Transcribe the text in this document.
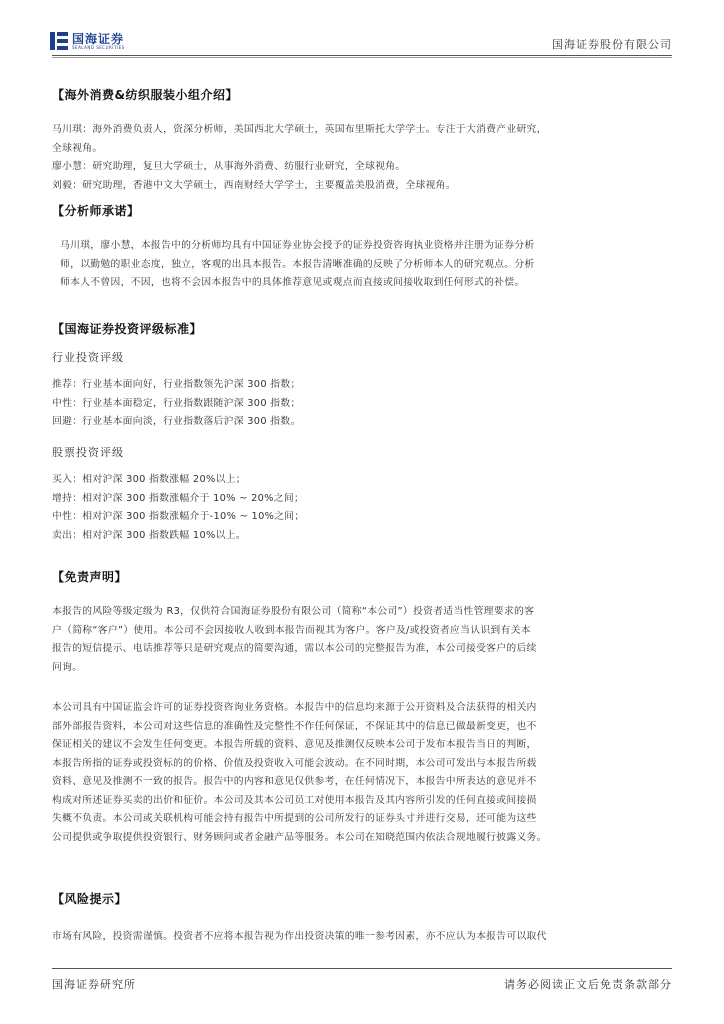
国海证券
SEALAND SECURITIES	国海证券股份有限公司
【海外消费&纺织服装小组介绍】

马川琪：海外消费负责人，资深分析师，美国西北大学硕士，英国布里斯托大学学士。专注于大消费产业研究，

全球视角。

廖小慧：研究助理，复旦大学硕士，从事海外消费、纺服行业研究，全球视角。

刘毅：研究助理，香港中文大学硕士，西南财经大学学士，主要覆盖美股消费，全球视角。

【分析师承诺】

马川琪，廖小慧，本报告中的分析师均具有中国证券业协会授予的证券投资咨询执业资格并注册为证券分析

师，以勤勉的职业态度，独立，客观的出具本报告。本报告清晰准确的反映了分析师本人的研究观点。分析

师本人不曾因，不因，也将不会因本报告中的具体推荐意见或观点而直接或间接收取到任何形式的补偿。

【国海证券投资评级标准】
行业投资评级
推荐：行业基本面向好，行业指数领先沪深 300 指数；
中性：行业基本面稳定，行业指数跟随沪深 300 指数；
回避：行业基本面向淡，行业指数落后沪深 300 指数。
股票投资评级
买入：相对沪深 300 指数涨幅 20%以上；
增持：相对沪深 300 指数涨幅介于 10% ~ 20%之间；
中性：相对沪深 300 指数涨幅介于-10% ~ 10%之间；
卖出：相对沪深 300 指数跌幅 10%以上。
【免责声明】

本报告的风险等级定级为 R3，仅供符合国海证券股份有限公司（简称“本公司”）投资者适当性管理要求的客

户（简称“客户”）使用。本公司不会因接收人收到本报告而视其为客户。客户及/或投资者应当认识到有关本

报告的短信提示、电话推荐等只是研究观点的简要沟通，需以本公司的完整报告为准，本公司接受客户的后续

问询。

本公司具有中国证监会许可的证券投资咨询业务资格。本报告中的信息均来源于公开资料及合法获得的相关内

部外部报告资料，本公司对这些信息的准确性及完整性不作任何保证，不保证其中的信息已做最新变更，也不

保证相关的建议不会发生任何变更。本报告所载的资料、意见及推测仅反映本公司于发布本报告当日的判断，

本报告所指的证券或投资标的的价格、价值及投资收入可能会波动。在不同时期，本公司可发出与本报告所载

资料、意见及推测不一致的报告。报告中的内容和意见仅供参考，在任何情况下，本报告中所表达的意见并不

构成对所述证券买卖的出价和征价。本公司及其本公司员工对使用本报告及其内容所引发的任何直接或间接损

失概不负责。本公司或关联机构可能会持有报告中所提到的公司所发行的证券头寸并进行交易，还可能为这些

公司提供或争取提供投资银行、财务顾问或者金融产品等服务。本公司在知晓范围内依法合规地履行披露义务。

【风险提示】
市场有风险，投资需谨慎。投资者不应将本报告视为作出投资决策的唯一参考因素，亦不应认为本报告可以取代
国海证券研究所	请务必阅读正文后免责条款部分
